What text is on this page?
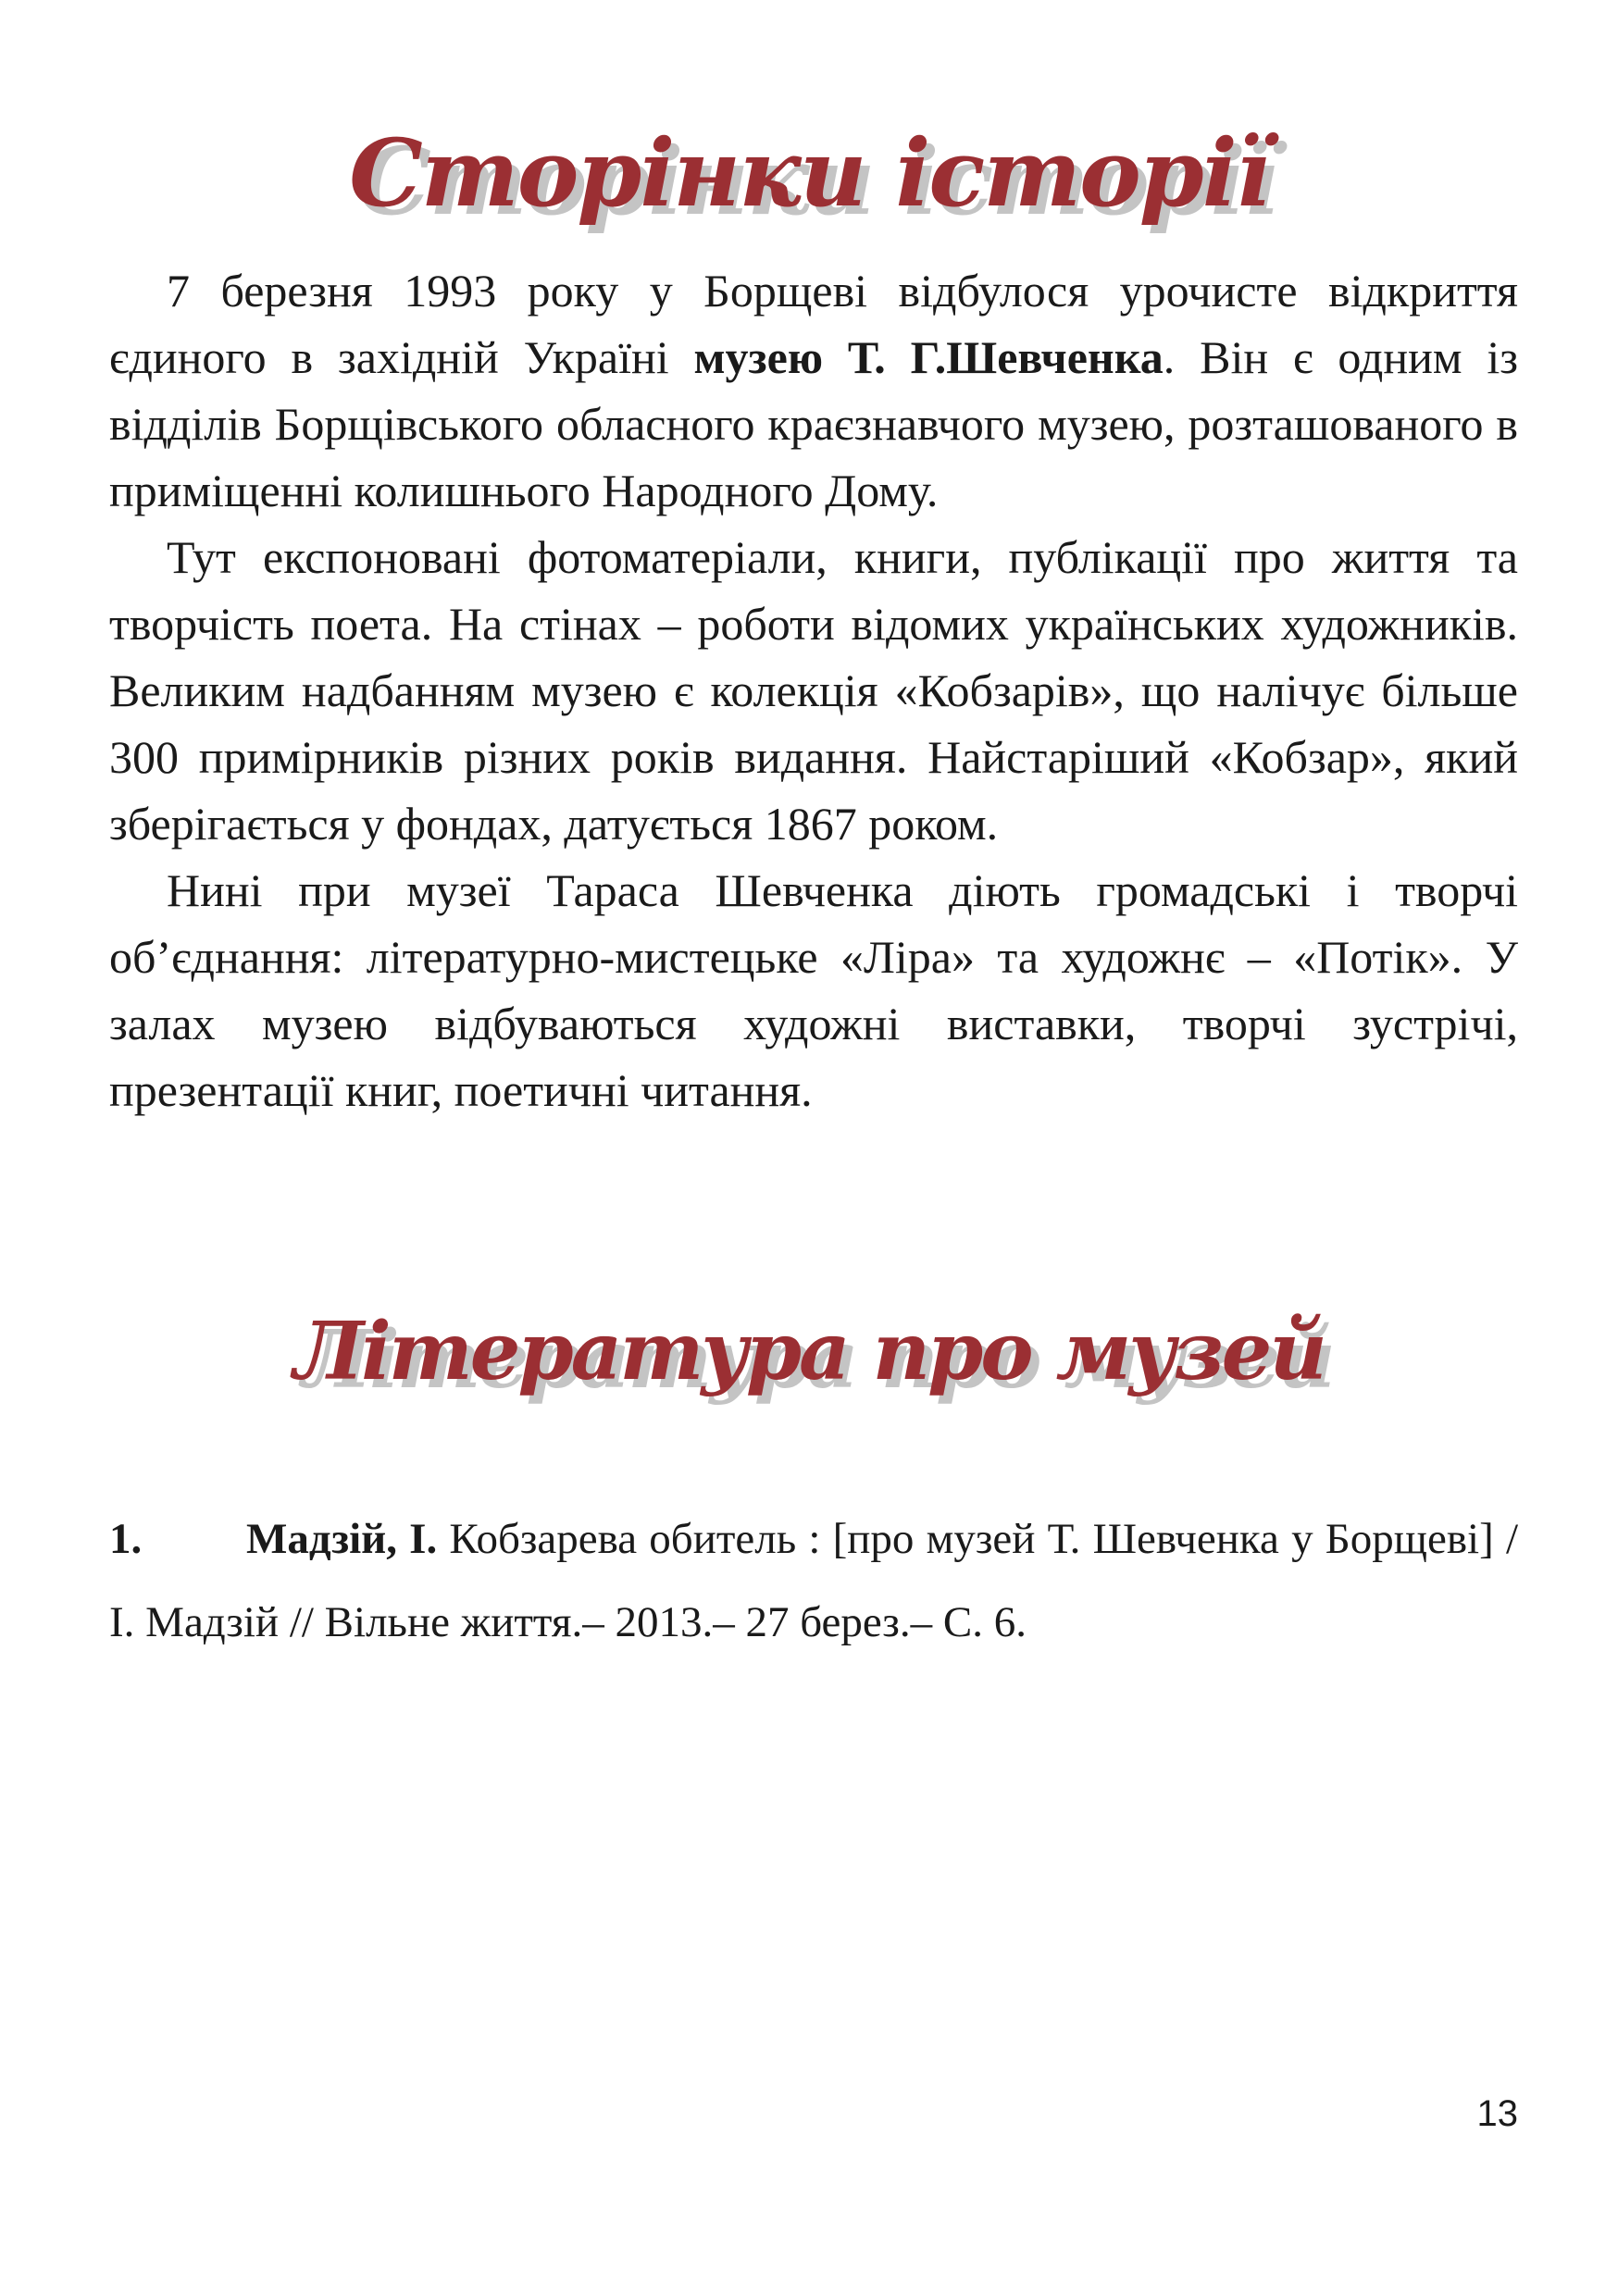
Сторінки історії

7 березня 1993 року у Борщеві відбулося урочисте відкриття єдиного в західній Україні музею Т. Г.Шевченка. Він є одним із відділів Борщівського обласного краєзнавчого музею, розташованого в приміщенні колишнього Народного Дому.

Тут експоновані фотоматеріали, книги, публікації про життя та творчість поета. На стінах – роботи відомих українських художників. Великим надбанням музею є колекція «Кобзарів», що налічує більше 300 примірників різних років видання. Найстаріший «Кобзар», який зберігається у фондах, датується 1867 роком.

Нині при музеї Тараса Шевченка діють громадські і творчі об’єднання: літературно-мистецьке «Ліра» та художнє – «Потік». У залах музею відбуваються художні виставки, творчі зустрічі, презентації книг, поетичні читання.

Література про музей
1. Мадзій, І. Кобзарева обитель : [про музей Т. Шевченка у Борщеві] / І. Мадзій // Вільне життя.– 2013.– 27 берез.– С. 6.
13
